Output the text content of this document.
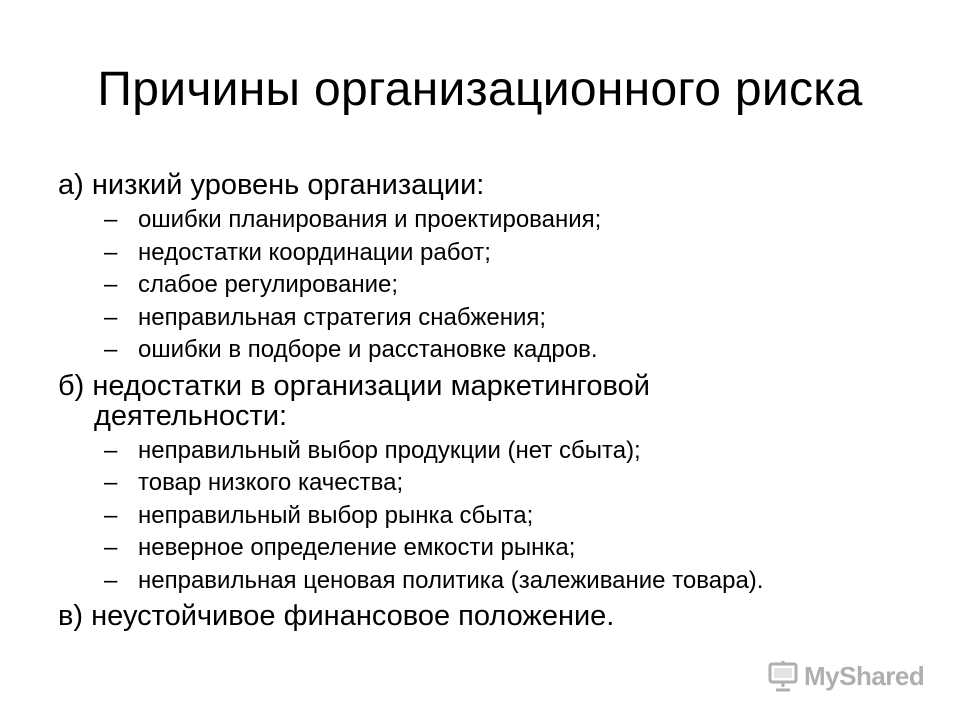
Причины организационного риска
а) низкий уровень организации:
– ошибки планирования и проектирования;
– недостатки координации работ;
– слабое регулирование;
– неправильная стратегия снабжения;
– ошибки в подборе и расстановке кадров.
б) недостатки в организации маркетинговой
деятельности:
– неправильный выбор продукции (нет сбыта);
– товар низкого качества;
– неправильный выбор рынка сбыта;
– неверное определение емкости рынка;
– неправильная ценовая политика (залеживание товара).
в) неустойчивое финансовое положение.
MyShared
